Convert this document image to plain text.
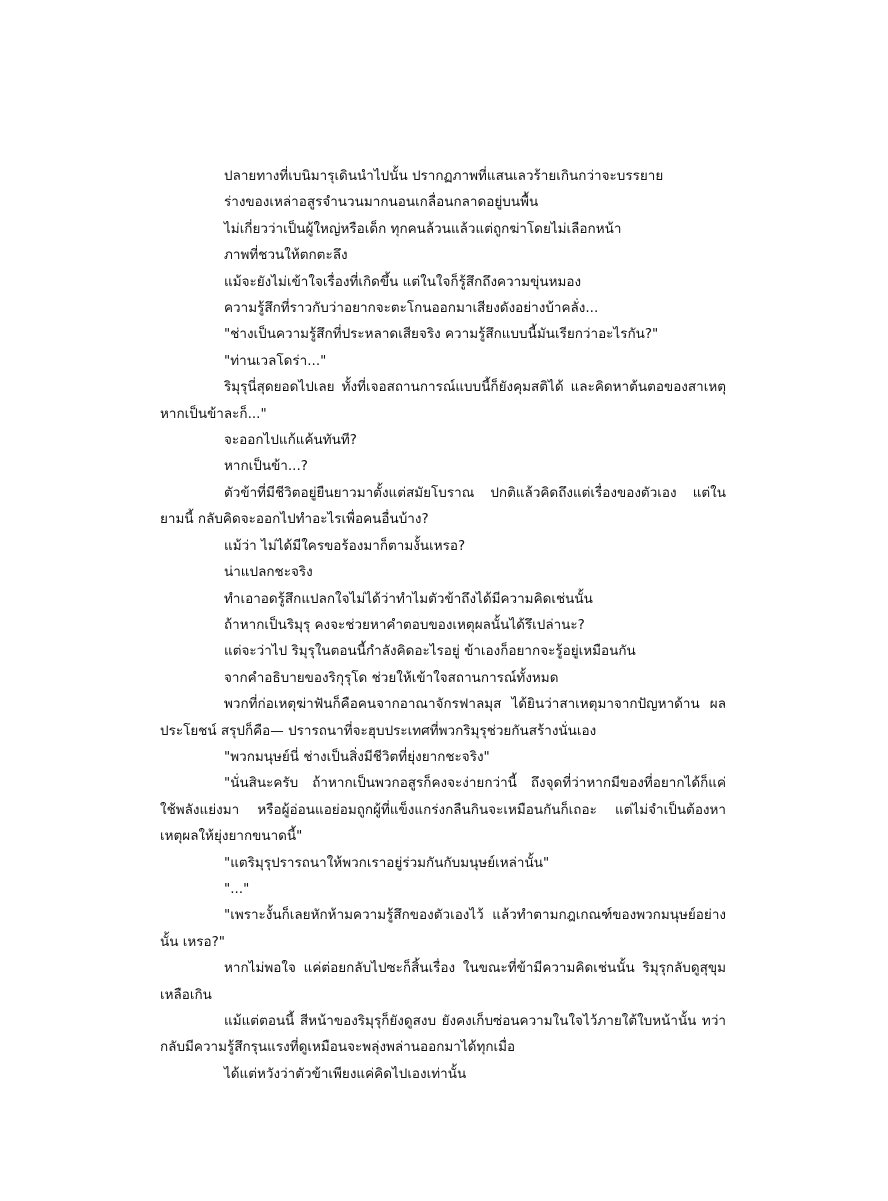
ปลายทางที่เบนิมารุเดินนำไปนั้น ปรากฏภาพที่แสนเลวร้ายเกินกว่าจะบรรยาย

ร่างของเหล่าอสูรจำนวนมากนอนเกลื่อนกลาดอยู่บนพื้น

ไม่เกี่ยวว่าเป็นผู้ใหญ่หรือเด็ก ทุกคนล้วนแล้วแต่ถูกฆ่าโดยไม่เลือกหน้า

ภาพที่ชวนให้ตกตะลึง

แม้จะยังไม่เข้าใจเรื่องที่เกิดขึ้น แต่ในใจก็รู้สึกถึงความขุ่นหมอง

ความรู้สึกที่ราวกับว่าอยากจะตะโกนออกมาเสียงดังอย่างบ้าคลั่ง...

"ช่างเป็นความรู้สึกที่ประหลาดเสียจริง ความรู้สึกแบบนี้มันเรียกว่าอะไรกัน?"

"ท่านเวลโดร่า..."

ริมุรุนี่สุดยอดไปเลย ทั้งที่เจอสถานการณ์แบบนี้ก็ยังคุมสติได้ และคิดหาต้นตอของสาเหตุ หากเป็นข้าละก็..."

จะออกไปแก้แค้นทันที?

หากเป็นข้า...?

ตัวข้าที่มีชีวิตอยู่ยืนยาวมาตั้งแต่สมัยโบราณ ปกติแล้วคิดถึงแต่เรื่องของตัวเอง แต่ในยามนี้ กลับคิดจะออกไปทำอะไรเพื่อคนอื่นบ้าง?

แม้ว่า ไม่ได้มีใครขอร้องมาก็ตามงั้นเหรอ?

น่าแปลกชะจริง

ทำเอาอดรู้สึกแปลกใจไม่ได้ว่าทำไมตัวข้าถึงได้มีความคิดเช่นนั้น

ถ้าหากเป็นริมุรุ คงจะช่วยหาคำตอบของเหตุผลนั้นได้รึเปล่านะ?

แต่จะว่าไป ริมุรุในตอนนี้กำลังคิดอะไรอยู่ ข้าเองก็อยากจะรู้อยู่เหมือนกัน

จากคำอธิบายของริกุรุโด ช่วยให้เข้าใจสถานการณ์ทั้งหมด

พวกที่ก่อเหตุฆ่าฟันก็คือคนจากอาณาจักรฟาลมุส ได้ยินว่าสาเหตุมาจากปัญหาด้าน ผลประโยชน์ สรุปก็คือ— ปรารถนาที่จะฮุบประเทศที่พวกริมุรุช่วยกันสร้างนั่นเอง

"พวกมนุษย์นี่ ช่างเป็นสิ่งมีชีวิตที่ยุ่งยากชะจริง"

"นั่นสินะครับ ถ้าหากเป็นพวกอสูรก็คงจะง่ายกว่านี้ ถึงจุดที่ว่าหากมีของที่อยากได้ก็แค่ ใช้พลังแย่งมา หรือผู้อ่อนแอย่อมถูกผู้ที่แข็งแกร่งกลืนกินจะเหมือนกันก็เถอะ แต่ไม่จำเป็นต้องหา เหตุผลให้ยุ่งยากขนาดนี้"

"แตริมุรุปรารถนาให้พวกเราอยู่ร่วมกันกับมนุษย์เหล่านั้น"

"..."

"เพราะงั้นก็เลยหักห้ามความรู้สึกของตัวเองไว้ แล้วทำตามกฎเกณฑ์ของพวกมนุษย์อย่างนั้น เหรอ?"

หากไม่พอใจ แค่ต่อยกลับไปซะก็สิ้นเรื่อง ในขณะที่ข้ามีความคิดเช่นนั้น ริมุรุกลับดูสุขุม เหลือเกิน

แม้แต่ตอนนี้ สีหน้าของริมุรุก็ยังดูสงบ ยังคงเก็บซ่อนความในใจไว้ภายใต้ใบหน้านั้น ทว่า กลับมีความรู้สึกรุนแรงที่ดูเหมือนจะพลุ่งพล่านออกมาได้ทุกเมื่อ

ได้แต่หวังว่าตัวข้าเพียงแค่คิดไปเองเท่านั้น
